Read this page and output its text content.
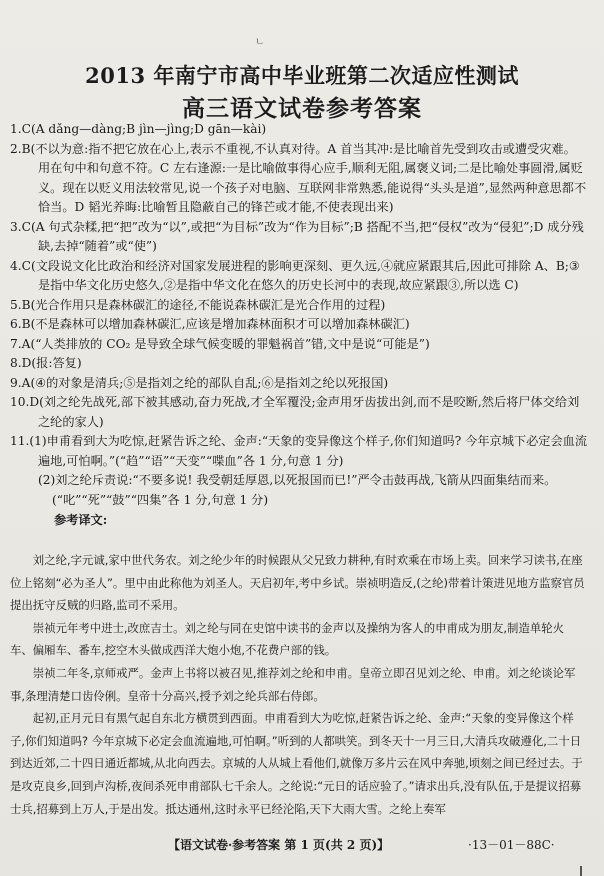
ㄴ
2013 年南宁市高中毕业班第二次适应性测试
高三语文试卷参考答案

1.C(A dǎng—dàng;B jìn—jìng;D gān—kài)

2.B(不以为意:指不把它放在心上,表示不重视,不认真对待。A 首当其冲:是比喻首先受到攻击或遭受灾难。用在句中和句意不符。C 左右逢源:一是比喻做事得心应手,顺利无阻,属褒义词;二是比喻处事圆滑,属贬义。现在以贬义用法较常见,说一个孩子对电脑、互联网非常熟悉,能说得“头头是道”,显然两种意思都不恰当。D 韬光养晦:比喻暂且隐蔽自己的锋芒或才能,不使表现出来)

3.C(A 句式杂糅,把“把”改为“以”,或把“为目标”改为“作为目标”;B 搭配不当,把“侵权”改为“侵犯”;D 成分残缺,去掉“随着”或“使”)

4.C(文段说文化比政治和经济对国家发展进程的影响更深刻、更久远,④就应紧跟其后,因此可排除 A、B;③是指中华文化历史悠久,②是指中华文化在悠久的历史长河中的表现,故应紧跟③,所以选 C)

5.B(光合作用只是森林碳汇的途径,不能说森林碳汇是光合作用的过程)

6.B(不是森林可以增加森林碳汇,应该是增加森林面积才可以增加森林碳汇)

7.A(“人类排放的 CO₂ 是导致全球气候变暖的罪魁祸首”错,文中是说“可能是”)

8.D(报:答复)

9.A(④的对象是清兵;⑤是指刘之纶的部队自乱;⑥是指刘之纶以死报国)

10.D(刘之纶先战死,部下被其感动,奋力死战,才全军覆没;金声用牙齿拔出剑,而不是咬断,然后将尸体交给刘之纶的家人)

11.(1)申甫看到大为吃惊,赶紧告诉之纶、金声:“天象的变异像这个样子,你们知道吗? 今年京城下必定会血流遍地,可怕啊。”(“趋”“语”“天变”“喋血”各 1 分,句意 1 分)

(2)刘之纶斥责说:“不要多说! 我受朝廷厚恩,以死报国而已!”严令击鼓再战,飞箭从四面集结而来。(“叱”“死”“鼓”“四集”各 1 分,句意 1 分)

参考译文:

刘之纶,字元诚,家中世代务农。刘之纶少年的时候跟从父兄致力耕种,有时欢乘在市场上卖。回来学习读书,在座位上铭刻“必为圣人”。里中由此称他为刘圣人。天启初年,考中乡试。崇祯明造反,(之纶)带着计策进见地方监察官员提出抚守反贼的归路,监司不采用。

崇祯元年考中进士,改庶吉士。刘之纶与同在史馆中读书的金声以及操纳为客人的申甫成为朋友,制造单轮火车、偏厢车、番车,挖空木头做成西洋大炮小炮,不花费户部的钱。

崇祯二年冬,京师戒严。金声上书将以被召见,推荐刘之纶和申甫。皇帝立即召见刘之纶、申甫。刘之纶谈论军事,条理清楚口齿伶俐。皇帝十分高兴,授予刘之纶兵部右侍郎。

起初,正月元日有黑气起自东北方横贯到西面。申甫看到大为吃惊,赶紧告诉之纶、金声:“天象的变异像这个样子,你们知道吗? 今年京城下必定会血流遍地,可怕啊。”听到的人都哄笑。到冬天十一月三日,大清兵攻破遵化,二十日到达近郊,二十四日通近都城,从北向西去。京城的人从城上看他们,就像万多片云在风中奔驰,顷刻之间已经过去。于是攻克良乡,回到卢沟桥,夜间杀死申甫部队七千余人。之纶说:“元日的话应验了。”请求出兵,没有队伍,于是提议招募士兵,招募到上万人,于是出发。抵达通州,这时永平已经沦陷,天下大雨大雪。之纶上奏军

【语文试卷·参考答案 第 1 页(共 2 页)】	·13－01－88C·
